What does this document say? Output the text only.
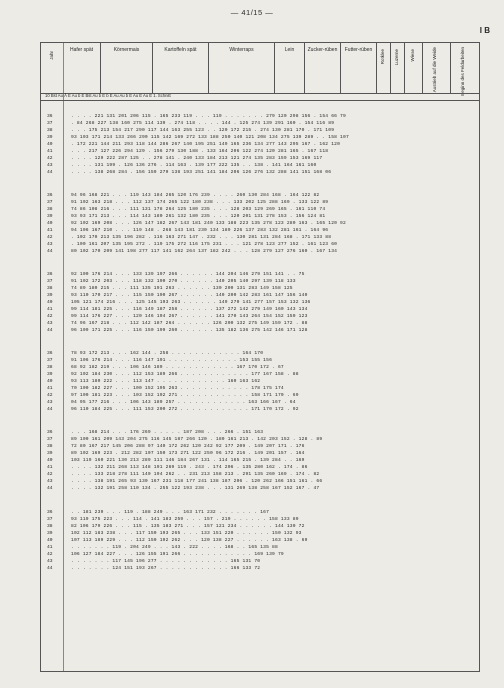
— 41/15 —
I B
Jahr
Hafer spät	Körnermais	Kartoffeln spät	Winterraps	Lein	Zucker-rüben	Futter-rüben	Rotklee Luzerne Wiese	Austrieb auf die Weide	Beginn des Feldarbeiten
10 Bst Au Å E Au b E Bst Au b E b E Au Au b E Au E Au E 1. Schnitt
36	. . . . 221 131 201 206 115 . 165 233 119 . . . 119 . . . . . . . 279 120 298 156 . 154 66 79
37	. 84 268 227 138 160 275 114 139 . 274 118 . . . . 144 . 125 274 139 291 160 . 154 116 89
38	. . . 175 213 154 217 290 117 144 163 255 123 . . 120 172 215 . 274 130 281 170 . 171 109
39	93 103 171 214 133 266 290 115 142 169 272 133 188 250 140 121 208 134 275 139 289 . . 158 107
40	. 172 221 144 211 293 118 144 286 267 140 195 251 149 165 236 134 277 143 295 167 . 162 120
41	. . . 217 127 226 294 129 . 156 279 130 188 . 133 164 206 122 274 120 281 165 . 167 118
42	. . . . 129 222 287 125 . . 278 141 . 240 133 184 213 121 274 135 283 159 153 169 117
43	. . . . 131 199 . 126 136 276 . 114 163 . 139 177 222 135 . . 138 . 141 164 161 160
44	. . . . 138 268 284 . 156 159 279 138 193 251 141 184 206 126 276 132 288 141 151 168 06
36	94 96 168 221 . . . 119 143 184 265 120 176 239 . . . . 260 130 284 168 . 164 122 82
37	91 102 163 218 . . . 112 137 174 265 122 180 238 . . . 133 202 125 288 169 . 133 122 89
38	74 86 108 216 . . . 111 131 178 264 125 180 235 . . . 128 203 129 269 165 . 161 110 74
39	93 93 171 213 . . . 114 143 180 261 132 180 235 . . . 120 201 131 278 153 . 156 124 81
40	92 102 169 208 . . . 126 147 182 267 143 181 240 133 188 223 135 278 123 280 163 . 165 120 92
41	94 106 167 210 . . . 119 148 . 268 143 181 230 134 189 226 137 283 132 281 161 . 164 96
42	. 102 170 213 135 196 282 . 116 163 271 147 . 232 . . . 130 281 131 284 168 . 171 133 88
43	. 100 161 207 135 195 272 . 119 175 272 116 175 231 . . . 121 278 123 277 152 . 161 123 60
44	80 102 170 209 141 198 277 117 141 162 264 137 182 242 . . . 128 279 127 276 160 . 167 134
36	92 100 176 214 . . . 133 139 197 266 . . . . . . 144 204 146 279 151 141 . . 75
37	91 102 172 203 . . . 118 132 190 270 . . . . . . 140 205 140 297 139 118 133
38	74 89 180 215 . . . 111 135 191 263 . . . . . . 130 200 131 283 149 158 125
39	93 110 170 217 . . . 115 150 190 267 . . . . . . 140 200 142 283 161 147 156 140
40	105 121 174 216 . . . 125 145 193 263 . . . . . . 149 270 141 277 157 153 132 136
41	99 114 181 225 . . . 116 149 187 258 . . . . . . 137 272 142 279 149 160 143 134
42	99 114 176 227 . . . 120 146 194 267 . . . . . . 141 270 143 264 154 152 150 123
43	74 96 167 218 . . . 112 142 187 264 . . . . . . 126 200 132 275 149 159 172 . 88
44	96 109 171 225 . . . 116 150 199 260 . . . . . . 135 182 136 275 142 146 171 128
36	78 93 172 213 . . . 162 144 . 258 . . . . . . . . . . . . 164 170
37	91 106 176 214 . . . 116 147 191 . . . . . . . . . . . . 153 155 156
38	68 92 182 219 . . . 106 146 189 . . . . . . . . . . . . 167 170 172 . 67
39	92 102 184 230 . . . 112 153 189 266 . . . . . . . . . . . . 177 167 158 . 88
40	93 113 180 222 . . . 113 147 . . . . . . . . . . . . 160 163 162
41	70 100 182 227 . . . 100 152 195 263 . . . . . . . . . . . . 178 175 174
42	97 100 181 223 . . . 103 152 192 271 . . . . . . . . . . . . 158 171 170 . 69
43	04 95 177 216 . . . 106 143 189 257 . . . . . . . . . . . . 163 166 167 . 64
44	96 110 184 225 . . . 111 153 200 272 . . . . . . . . . . . . 171 170 172 . 92
36	. . . 168 214 . . . 176 269 . . . . . 187 208 . . . 266 . 151 163
37	89 100 161 209 143 204 275 116 145 187 266 120 . 180 161 213 . 142 203 152 . 128 . 89
38	72 80 167 217 145 206 288 97 140 172 262 120 242 92 177 209 . 149 207 171 . 176
39	89 102 169 223 . 212 282 107 150 173 271 122 250 96 172 216 . 149 201 157 . 164
40	103 119 160 221 130 213 289 111 146 184 267 131 . 114 165 215 . 139 284 . . 169
41	. . . . 132 211 268 113 148 191 269 119 . 243 . 174 206 . 135 280 162 . 174 . 86
42	. . . . 133 218 278 111 140 194 262 . . 231 213 158 213 . 291 135 260 169 . 174 . 82
43	. . . . 138 191 265 93 130 167 231 118 177 241 138 187 206 . 120 262 166 151 161 . 66
44	. . . . 132 191 258 110 134 . 255 122 193 238 . . . 131 269 138 258 167 152 167 . 47
36	. . 181 239 . . . 119 . 188 249 . . . 163 171 232 . . . . . . . 167
37	93 119 175 223 . . . 114 . 141 183 259 . . . 157 . 219 . . . . . . 158 133 89
38	82 106 179 226 . . . 115 . 135 183 271 . . . 157 121 234 . . . . . . 144 130 72
39	102 112 183 238 . . . 117 150 193 265 . . . 133 151 220 . . . . . . 150 132 93
40	107 113 189 229 . . . 112 150 192 262 . . . 120 138 227 . . . . . . 163 138 . 69
41	. . . . . . . 119 . 204 249 . . . 143 . 222 . . . . 168 . . 165 135 88
42	106 127 184 227 . . . 126 155 191 266 . . . . . . . . . . . . 169 139 79
43	. . . . . . . 117 145 196 277 . . . . . . . . . . . . 165 131 70
44	. . . . . . . 124 151 193 267 . . . . . . . . . . . . 166 133 72
